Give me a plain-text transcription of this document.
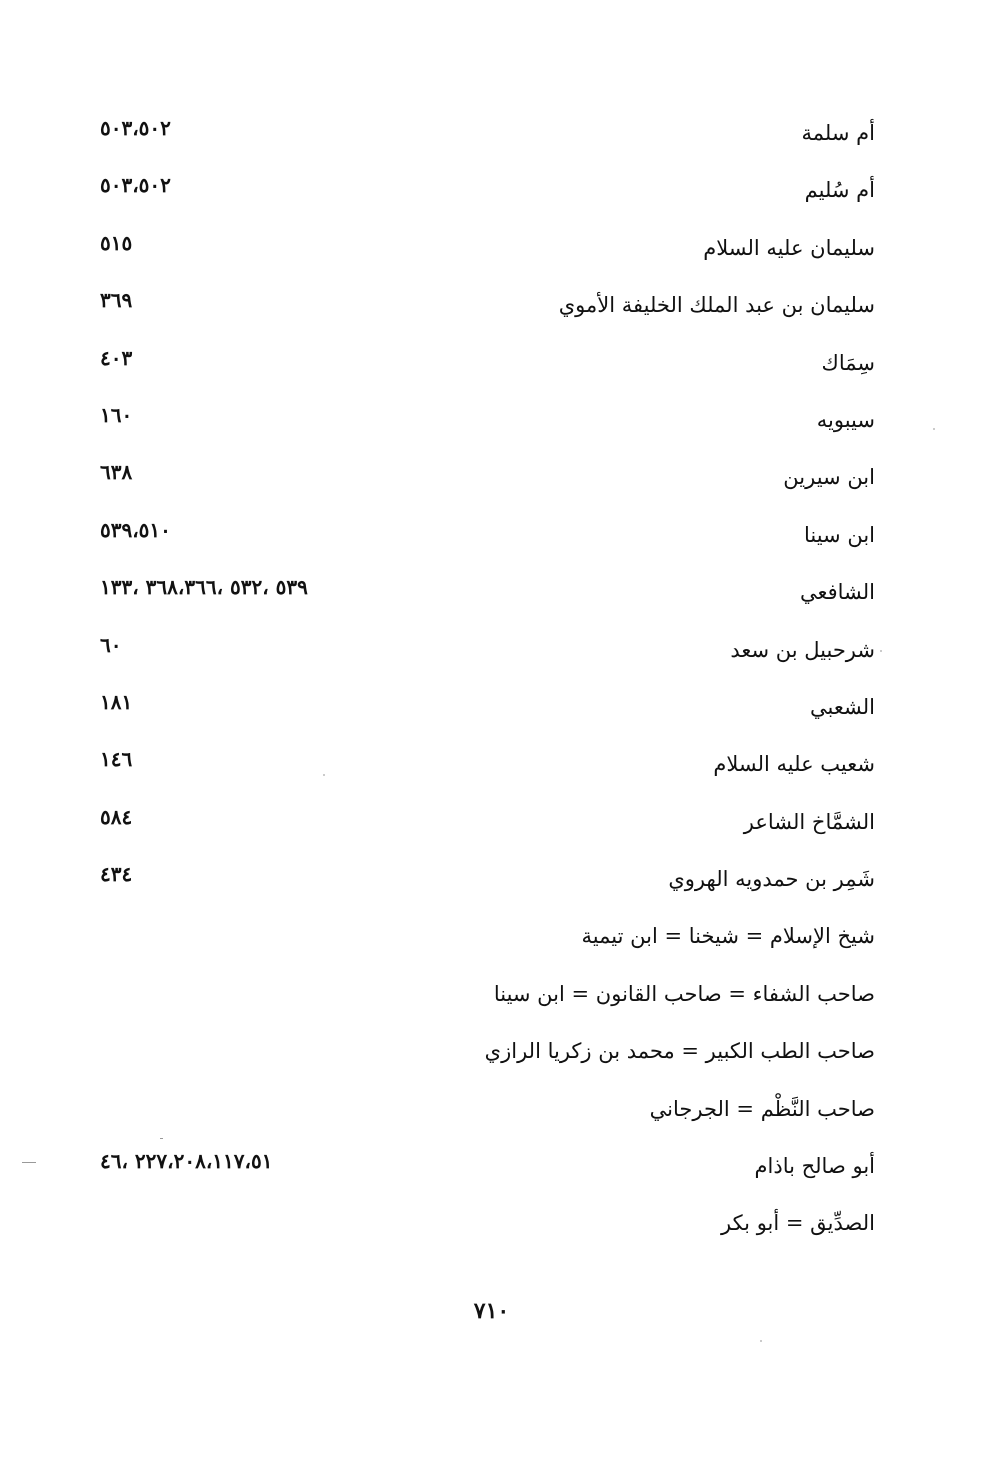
أم سلمة
٥٠٣،٥٠٢
أم سُليم
٥٠٣،٥٠٢
سليمان عليه السلام
٥١٥
سليمان بن عبد الملك الخليفة الأموي
٣٦٩
سِمَاك
٤٠٣
سيبويه
١٦٠
ابن سيرين
٦٣٨
ابن سينا
٥٣٩،٥١٠
الشافعي
٥٣٩ ،٥٣٢ ،٣٦٨،٣٦٦ ،١٣٣
شرحبيل بن سعد
٦٠
الشعبي
١٨١
شعيب عليه السلام
١٤٦
الشمَّاخ الشاعر
٥٨٤
شَمِر بن حمدويه الهروي
٤٣٤
شيخ الإسلام = شيخنا = ابن تيمية
صاحب الشفاء = صاحب القانون = ابن سينا
صاحب الطب الكبير = محمد بن زكريا الرازي
صاحب النَّظْم = الجرجاني
أبو صالح باذام
٢٢٧،٢٠٨،١١٧،٥١ ،٤٦
الصدِّيق = أبو بكر
٧١٠
